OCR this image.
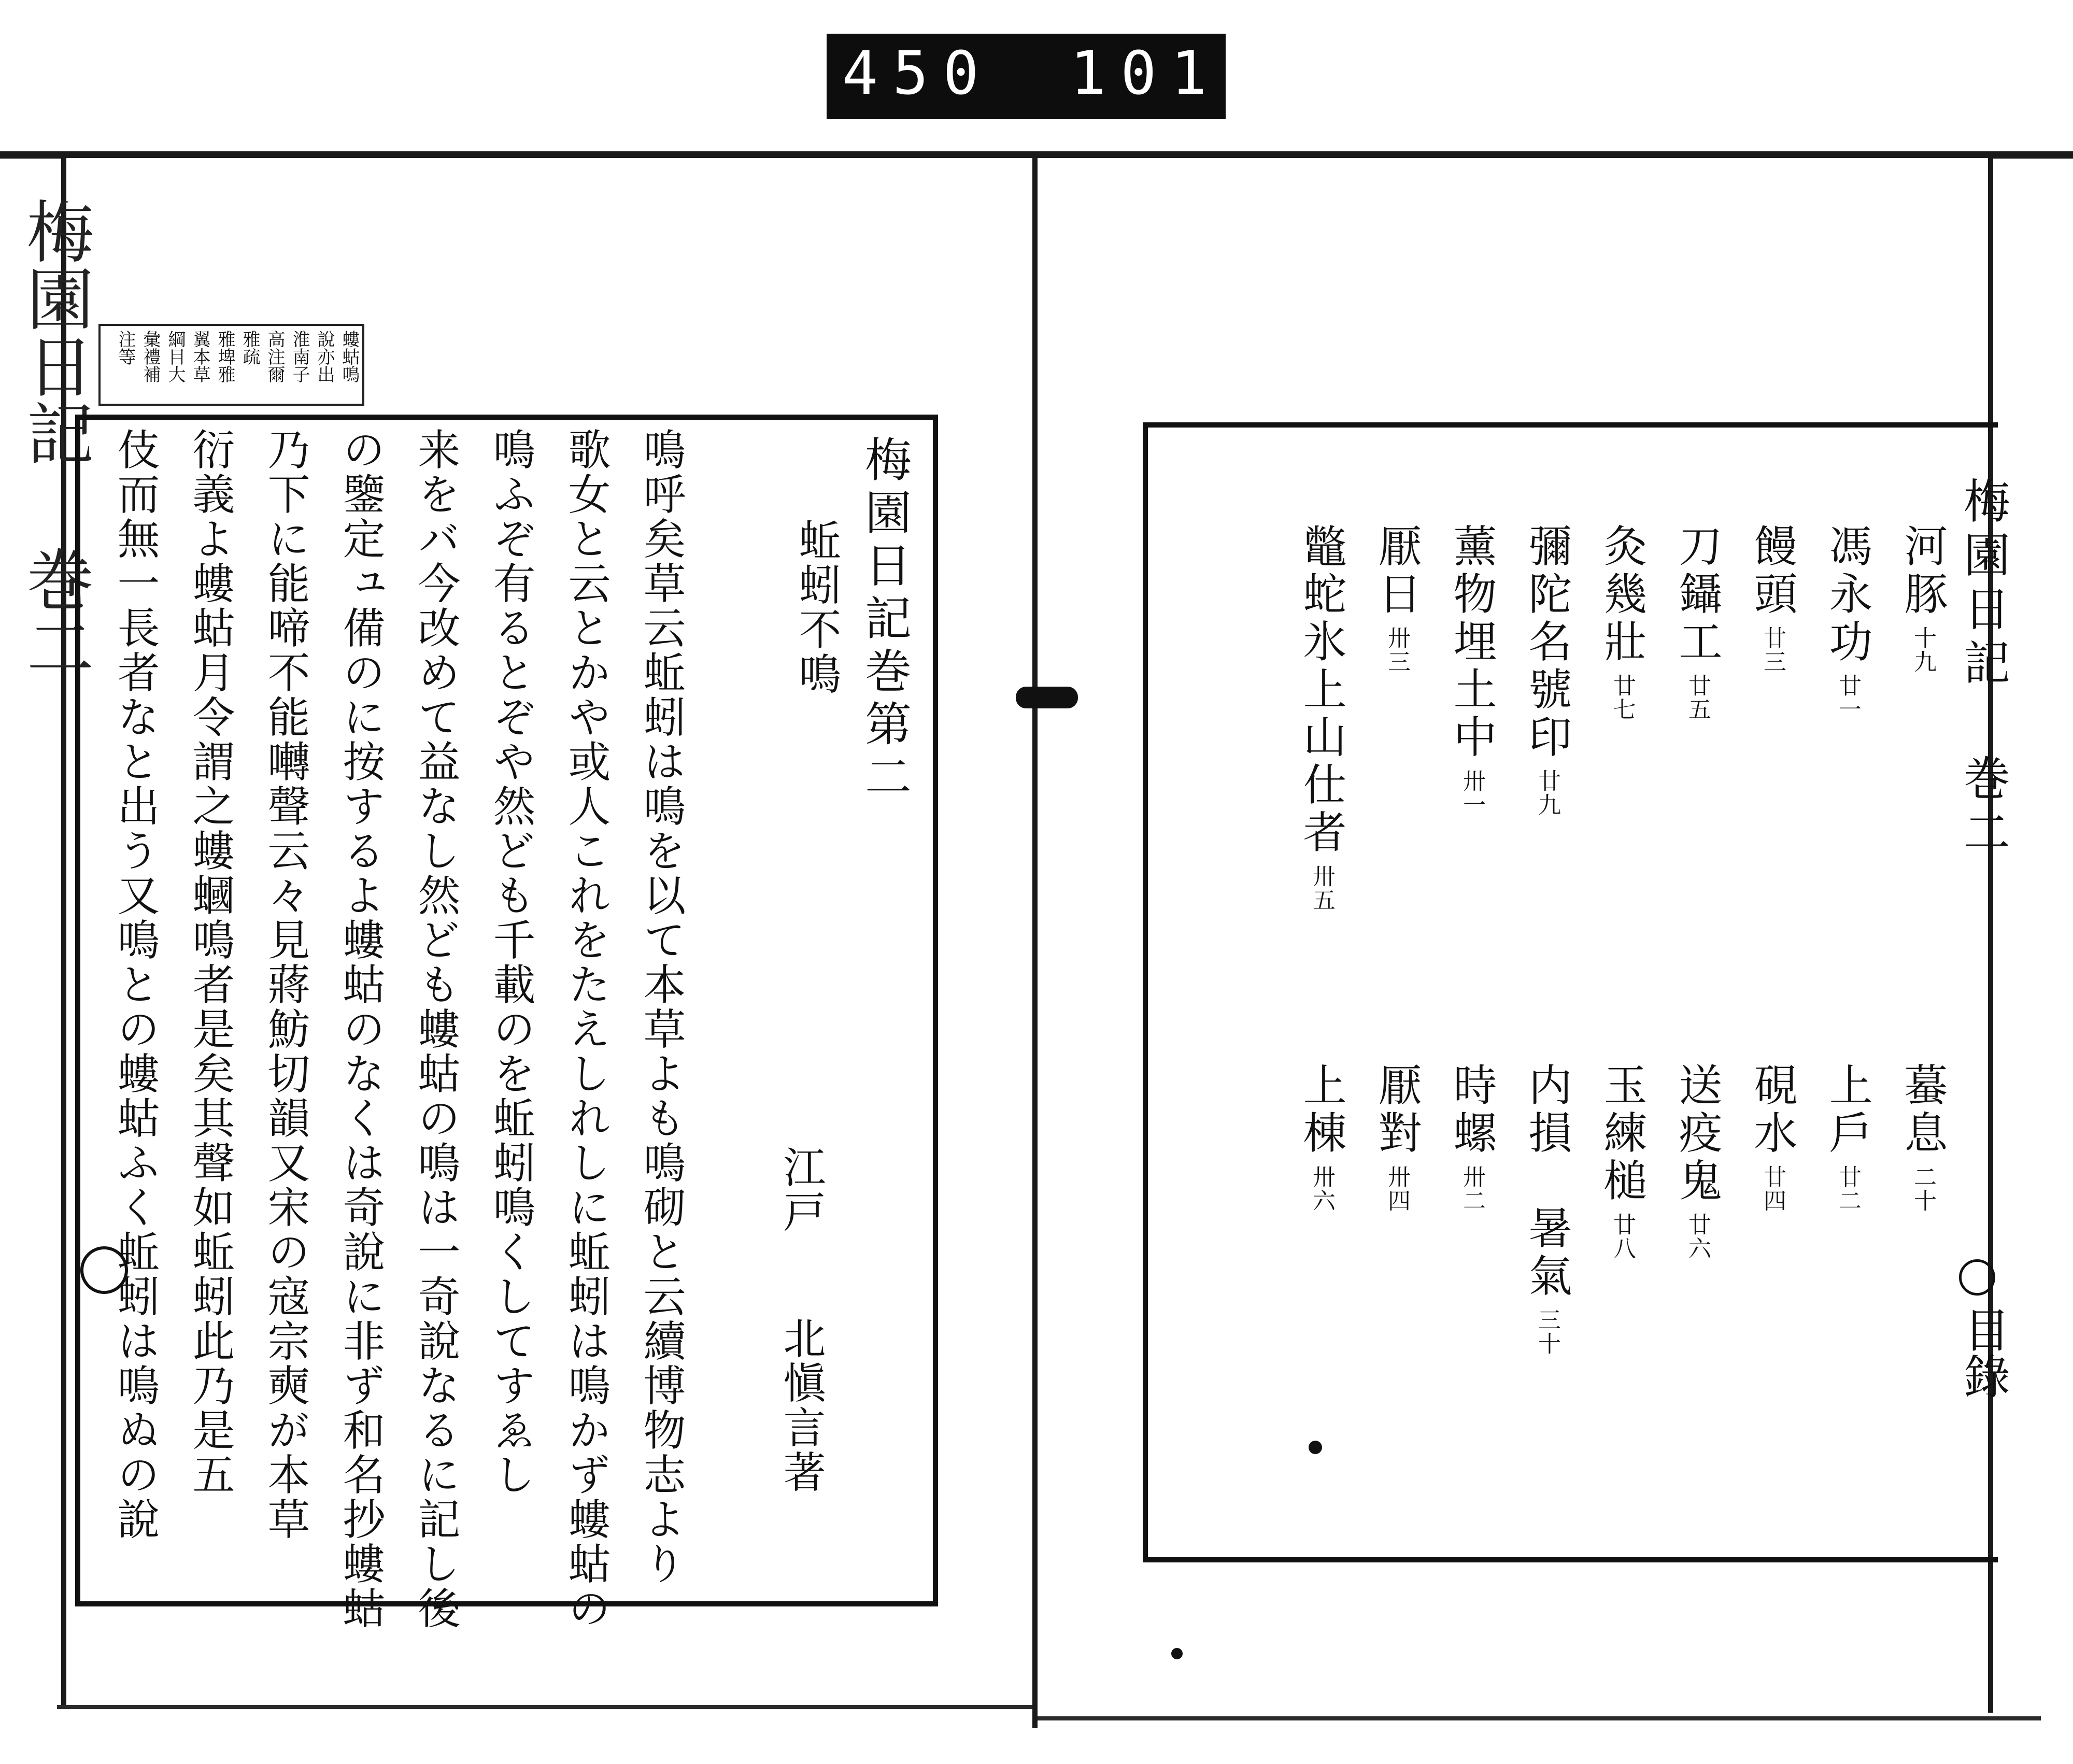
450 101.
梅園日記 巻二	螻蛄鳴
說亦出
淮南子
高注爾
雅疏
雅埤雅
翼本草
綱目大
彙禮補
注等
梅園日記巻第二
蚯蚓不鳴
江戸
北愼言著
鳴呼矣草云蚯蚓は鳴を以て本草よも鳴砌と云續博物志より
歌女と云とかや或人これをたえしれしに蚯蚓は鳴かず螻蛄の
鳴ふぞ有るとぞや然ども千載のを蚯蚓鳴くしてすゑし
来をバ今改めて益なし然ども螻蛄の鳴は一奇說なるに記し後
の鑒定ュ備のに按するよ螻蛄のなくは奇說に非ず和名抄螻蛄
乃下に能啼不能囀聲云々見蔣魴切韻又宋の寇宗奭が本草
衍義よ螻蛄月令謂之螻蟈鳴者是矣其聲如蚯蚓此乃是五
伎而無一長者なと出う又鳴との螻蛄ふく蚯蚓は鳴ぬの說	梅園日記 巻二
目錄
河豚十九
馮永功廿一
饅頭廿三
刀鑷工廿五
灸幾壯廿七
彌陀名號印廿九
薰物埋土中卅一
厭日卅三
鼈蛇氷上山仕者卅五
蟇息二十
上戶廿二
硯水廿四
送疫鬼廿六
玉練槌廿八
内損　暑氣三十
時螺卅二
厭對卅四
上棟卅六
